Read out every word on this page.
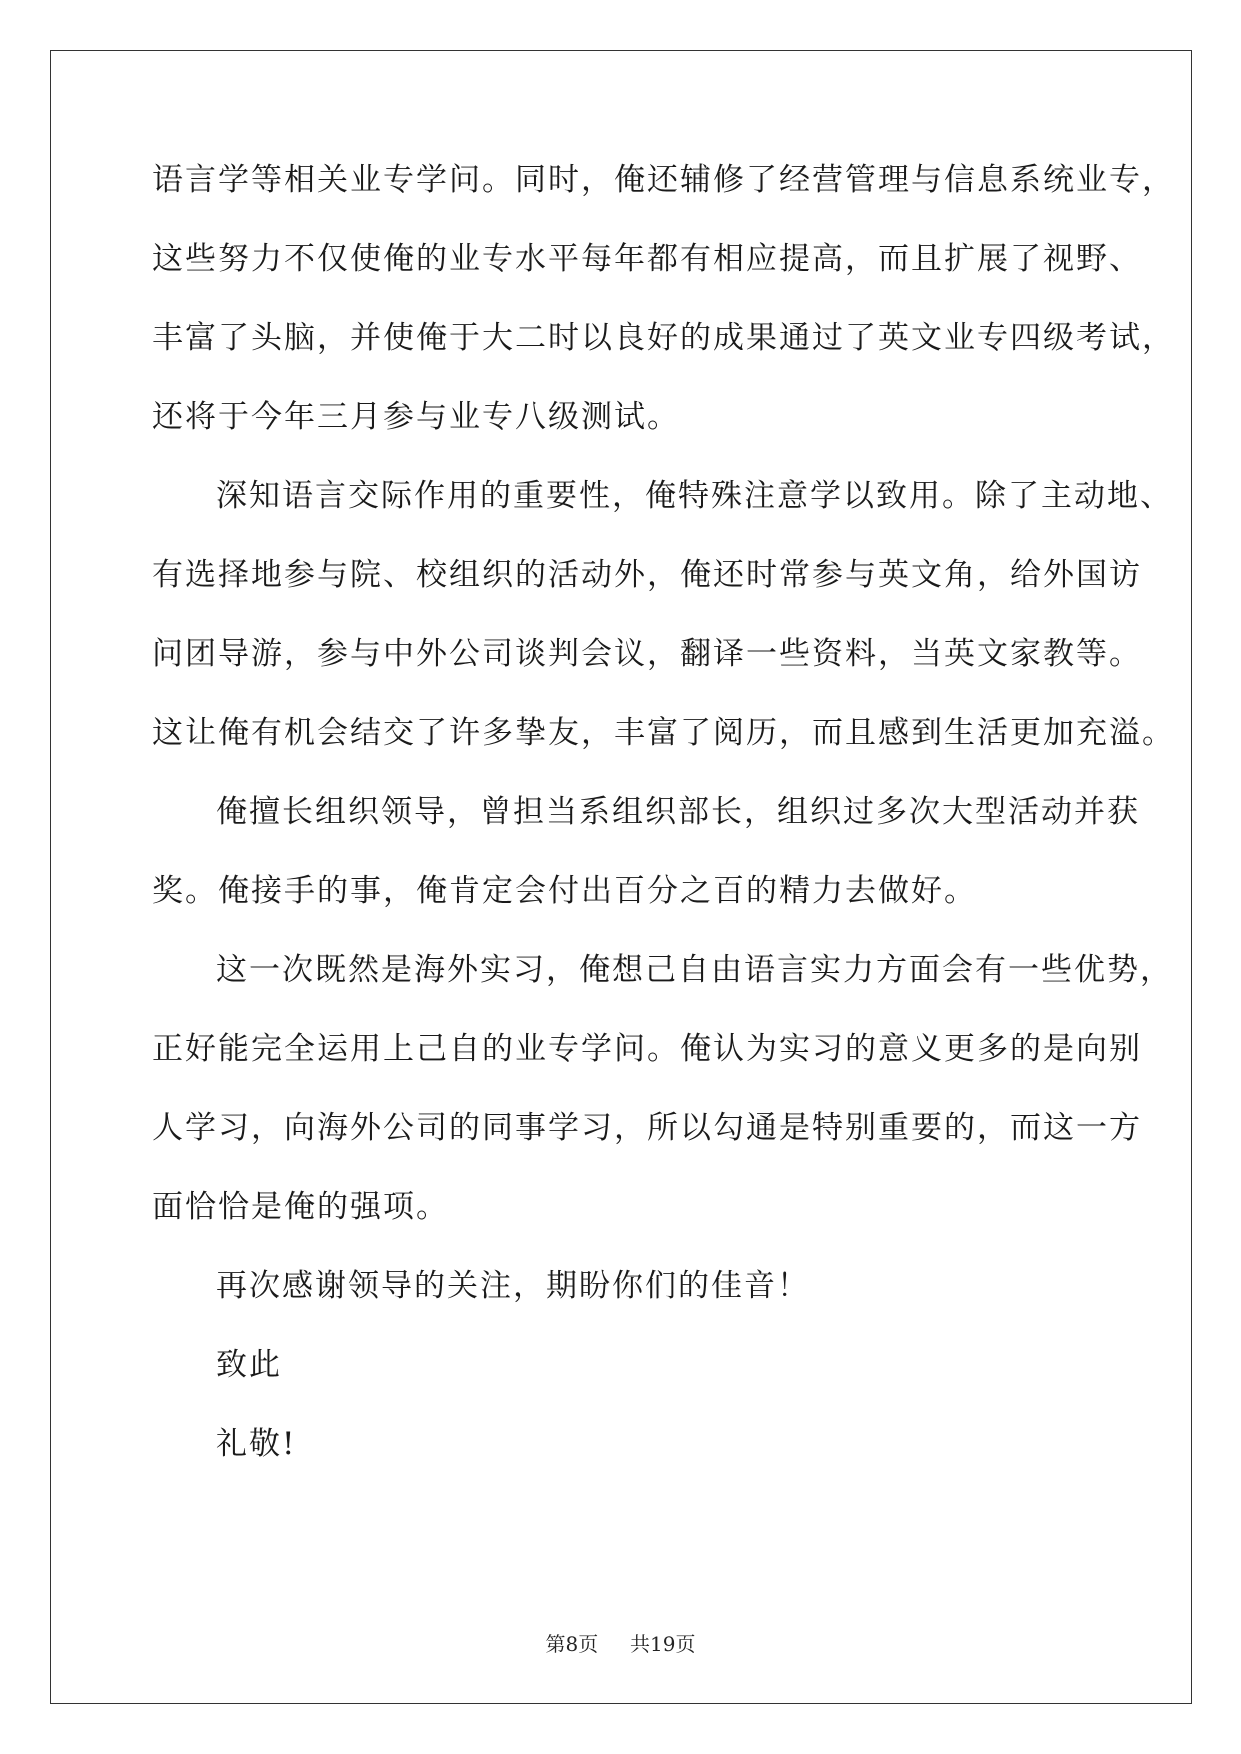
语言学等相关业专学问。同时，俺还辅修了经营管理与信息系统业专，
这些努力不仅使俺的业专水平每年都有相应提高，而且扩展了视野、
丰富了头脑，并使俺于大二时以良好的成果通过了英文业专四级考试，
还将于今年三月参与业专八级测试。
深知语言交际作用的重要性，俺特殊注意学以致用。除了主动地、
有选择地参与院、校组织的活动外，俺还时常参与英文角，给外国访
问团导游，参与中外公司谈判会议，翻译一些资料，当英文家教等。
这让俺有机会结交了许多挚友，丰富了阅历，而且感到生活更加充溢。
俺擅长组织领导，曾担当系组织部长，组织过多次大型活动并获
奖。俺接手的事，俺肯定会付出百分之百的精力去做好。
这一次既然是海外实习，俺想己自由语言实力方面会有一些优势，
正好能完全运用上己自的业专学问。俺认为实习的意义更多的是向别
人学习，向海外公司的同事学习，所以勾通是特别重要的，而这一方
面恰恰是俺的强项。
再次感谢领导的关注，期盼你们的佳音！
致此
礼敬!
第8页 共19页
